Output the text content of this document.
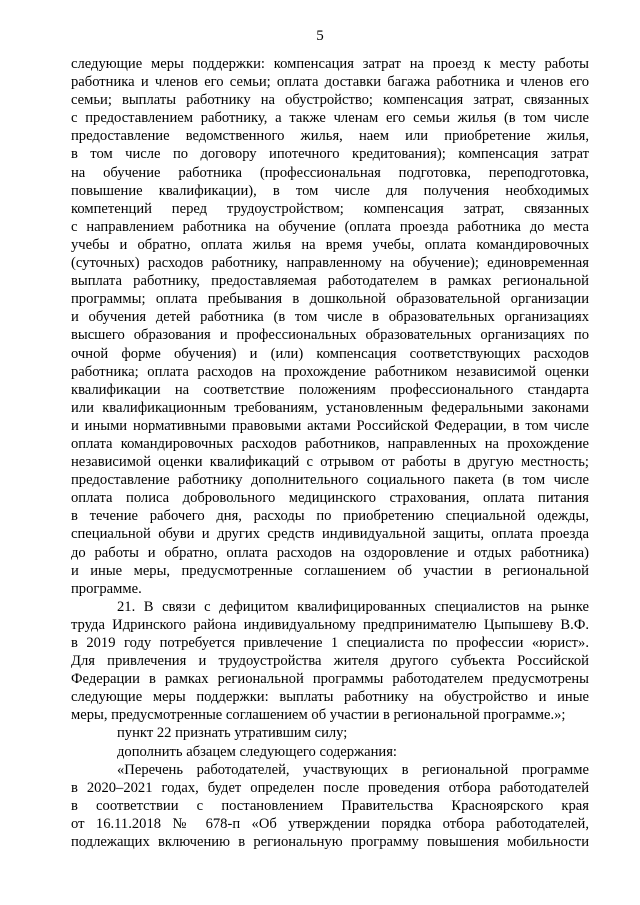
5
следующие меры поддержки: компенсация затрат на проезд к месту работы
работника и членов его семьи; оплата доставки багажа работника и членов его
семьи; выплаты работнику на обустройство; компенсация затрат, связанных
с предоставлением работнику, а также членам его семьи жилья (в том числе
предоставление ведомственного жилья, наем или приобретение жилья,
в том числе по договору ипотечного кредитования); компенсация затрат
на обучение работника (профессиональная подготовка, переподготовка,
повышение квалификации), в том числе для получения необходимых
компетенций перед трудоустройством; компенсация затрат, связанных
с направлением работника на обучение (оплата проезда работника до места
учебы и обратно, оплата жилья на время учебы, оплата командировочных
(суточных) расходов работнику, направленному на обучение); единовременная
выплата работнику, предоставляемая работодателем в рамках региональной
программы; оплата пребывания в дошкольной образовательной организации
и обучения детей работника (в том числе в образовательных организациях
высшего образования и профессиональных образовательных организациях по
очной форме обучения) и (или) компенсация соответствующих расходов
работника; оплата расходов на прохождение работником независимой оценки
квалификации на соответствие положениям профессионального стандарта
или квалификационным требованиям, установленным федеральными законами
и иными нормативными правовыми актами Российской Федерации, в том числе
оплата командировочных расходов работников, направленных на прохождение
независимой оценки квалификаций с отрывом от работы в другую местность;
предоставление работнику дополнительного социального пакета (в том числе
оплата полиса добровольного медицинского страхования, оплата питания
в течение рабочего дня, расходы по приобретению специальной одежды,
специальной обуви и других средств индивидуальной защиты, оплата проезда
до работы и обратно, оплата расходов на оздоровление и отдых работника)
и иные меры, предусмотренные соглашением об участии в региональной
программе.
21. В связи с дефицитом квалифицированных специалистов на рынке
труда Идринского района индивидуальному предпринимателю Цыпышеву В.Ф.
в 2019 году потребуется привлечение 1 специалиста по профессии «юрист».
Для привлечения и трудоустройства жителя другого субъекта Российской
Федерации в рамках региональной программы работодателем предусмотрены
следующие меры поддержки: выплаты работнику на обустройство и иные
меры, предусмотренные соглашением об участии в региональной программе.»;
пункт 22 признать утратившим силу;
дополнить абзацем следующего содержания:
«Перечень работодателей, участвующих в региональной программе
в 2020–2021 годах, будет определен после проведения отбора работодателей
в соответствии с постановлением Правительства Красноярского края
от 16.11.2018 № 678-п «Об утверждении порядка отбора работодателей,
подлежащих включению в региональную программу повышения мобильности
